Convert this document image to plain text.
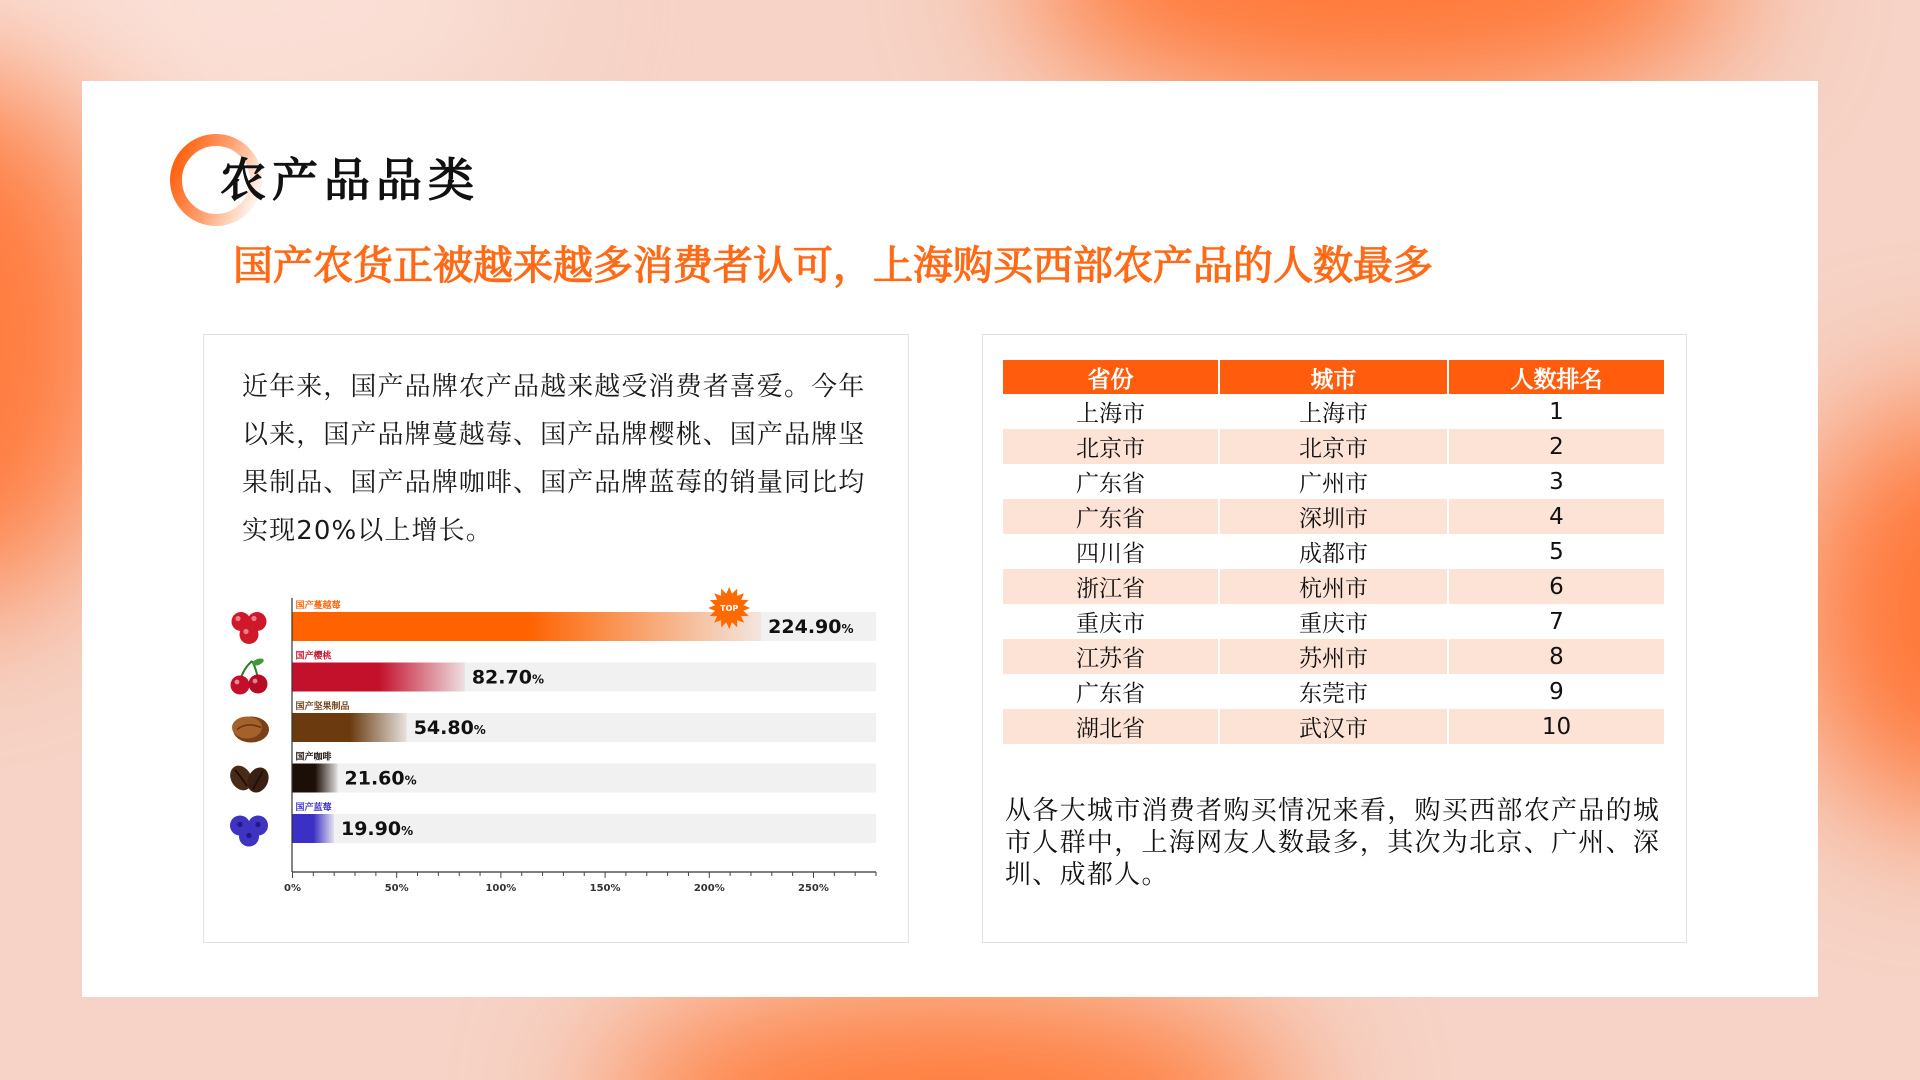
农产品品类
国产农货正被越来越多消费者认可，上海购买西部农产品的人数最多

近年来，国产品牌农产品越来越受消费者喜爱。今年以来，国产品牌蔓越莓、国产品牌樱桃、国产品牌坚果制品、国产品牌咖啡、国产品牌蓝莓的销量同比均实现20%以上增长。

国产蔓越莓
224.90%
国产樱桃
82.70%
国产坚果制品
54.80%
国产咖啡
21.60%
国产蓝莓
19.90%
TOP
0%	50%	100%	150%	200%	250%
省份	城市	人数排名
上海市	上海市	1
北京市	北京市	2
广东省	广州市	3
广东省	深圳市	4
四川省	成都市	5
浙江省	杭州市	6
重庆市	重庆市	7
江苏省	苏州市	8
广东省	东莞市	9
湖北省	武汉市	10

从各大城市消费者购买情况来看，购买西部农产品的城市人群中，上海网友人数最多，其次为北京、广州、深圳、成都人。
